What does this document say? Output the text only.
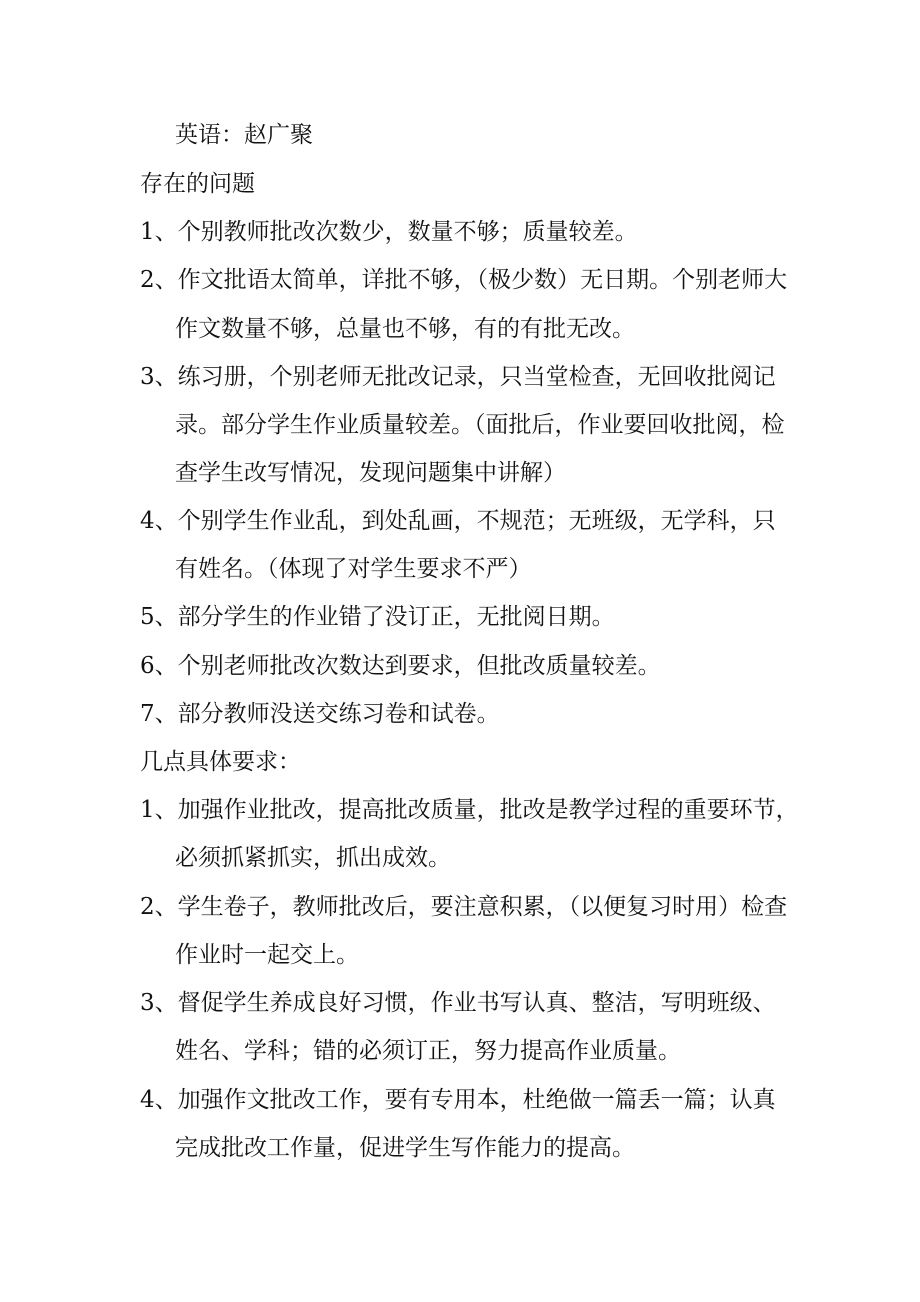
英语：赵广聚
存在的问题
1、个别教师批改次数少，数量不够；质量较差。
2、作文批语太简单，详批不够，（极少数）无日期。个别老师大
作文数量不够，总量也不够，有的有批无改。
3、练习册，个别老师无批改记录，只当堂检查，无回收批阅记
录。部分学生作业质量较差。（面批后，作业要回收批阅，检
查学生改写情况，发现问题集中讲解）
4、个别学生作业乱，到处乱画，不规范；无班级，无学科，只
有姓名。（体现了对学生要求不严）
5、部分学生的作业错了没订正，无批阅日期。
6、个别老师批改次数达到要求，但批改质量较差。
7、部分教师没送交练习卷和试卷。
几点具体要求：
1、加强作业批改，提高批改质量，批改是教学过程的重要环节，
必须抓紧抓实，抓出成效。
2、学生卷子，教师批改后，要注意积累，（以便复习时用）检查
作业时一起交上。
3、督促学生养成良好习惯，作业书写认真、整洁，写明班级、
姓名、学科；错的必须订正，努力提高作业质量。
4、加强作文批改工作，要有专用本，杜绝做一篇丢一篇；认真
完成批改工作量，促进学生写作能力的提高。
